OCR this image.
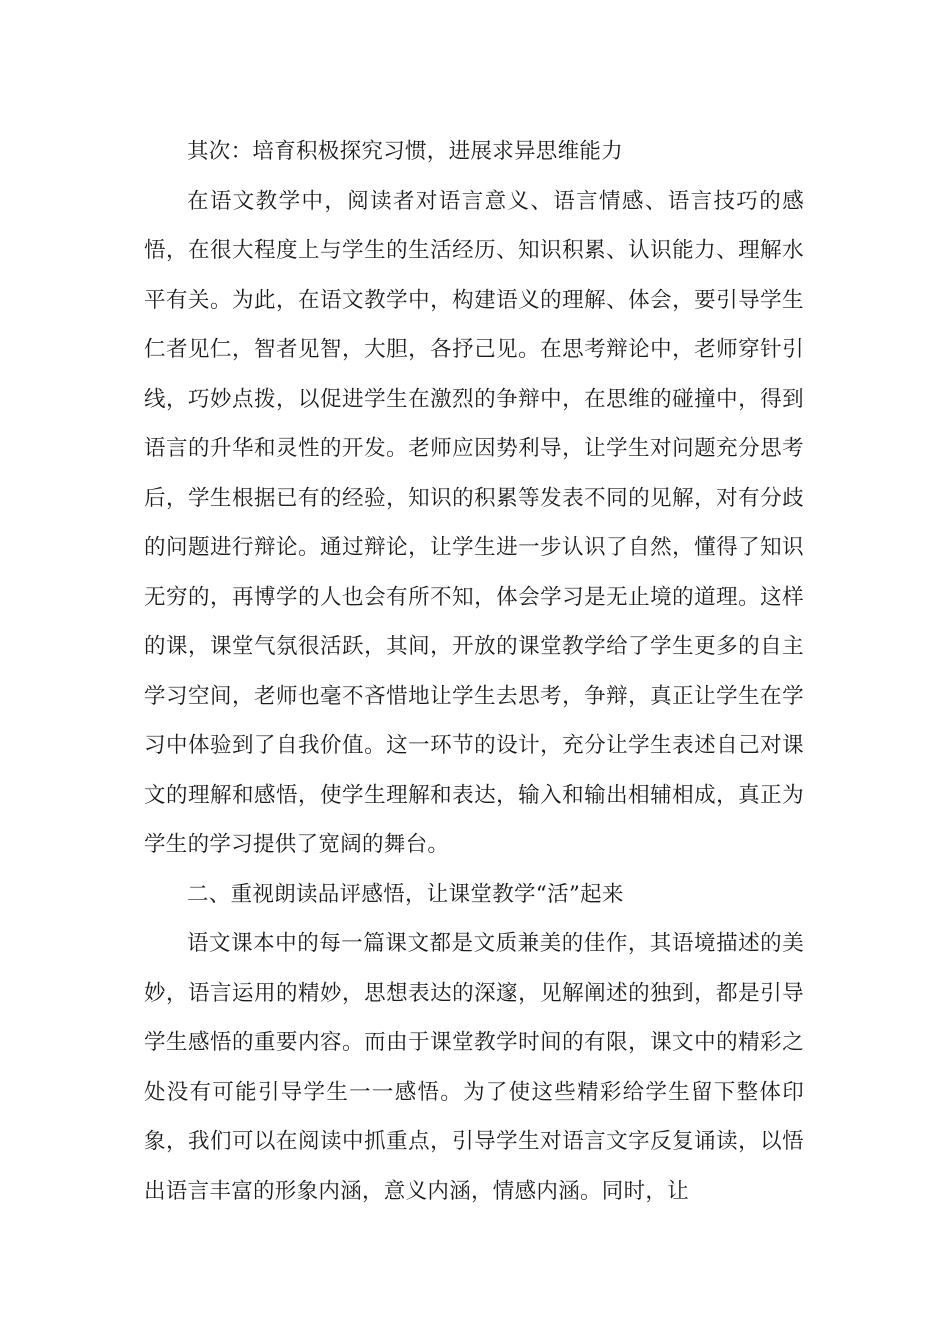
其次：培育积极探究习惯，进展求异思维能力

在语文教学中，阅读者对语言意义、语言情感、语言技巧的感悟，在很大程度上与学生的生活经历、知识积累、认识能力、理解水平有关。为此，在语文教学中，构建语义的理解、体会，要引导学生仁者见仁，智者见智，大胆，各抒己见。在思考辩论中，老师穿针引线，巧妙点拨，以促进学生在激烈的争辩中，在思维的碰撞中，得到语言的升华和灵性的开发。老师应因势利导，让学生对问题充分思考后，学生根据已有的经验，知识的积累等发表不同的见解，对有分歧的问题进行辩论。通过辩论，让学生进一步认识了自然，懂得了知识无穷的，再博学的人也会有所不知，体会学习是无止境的道理。这样的课，课堂气氛很活跃，其间，开放的课堂教学给了学生更多的自主学习空间，老师也毫不吝惜地让学生去思考，争辩，真正让学生在学习中体验到了自我价值。这一环节的设计，充分让学生表述自己对课文的理解和感悟，使学生理解和表达，输入和输出相辅相成，真正为学生的学习提供了宽阔的舞台。

二、重视朗读品评感悟，让课堂教学“活”起来

语文课本中的每一篇课文都是文质兼美的佳作，其语境描述的美妙，语言运用的精妙，思想表达的深邃，见解阐述的独到，都是引导学生感悟的重要内容。而由于课堂教学时间的有限，课文中的精彩之处没有可能引导学生一一感悟。为了使这些精彩给学生留下整体印象，我们可以在阅读中抓重点，引导学生对语言文字反复诵读，以悟出语言丰富的形象内涵，意义内涵，情感内涵。同时，让
